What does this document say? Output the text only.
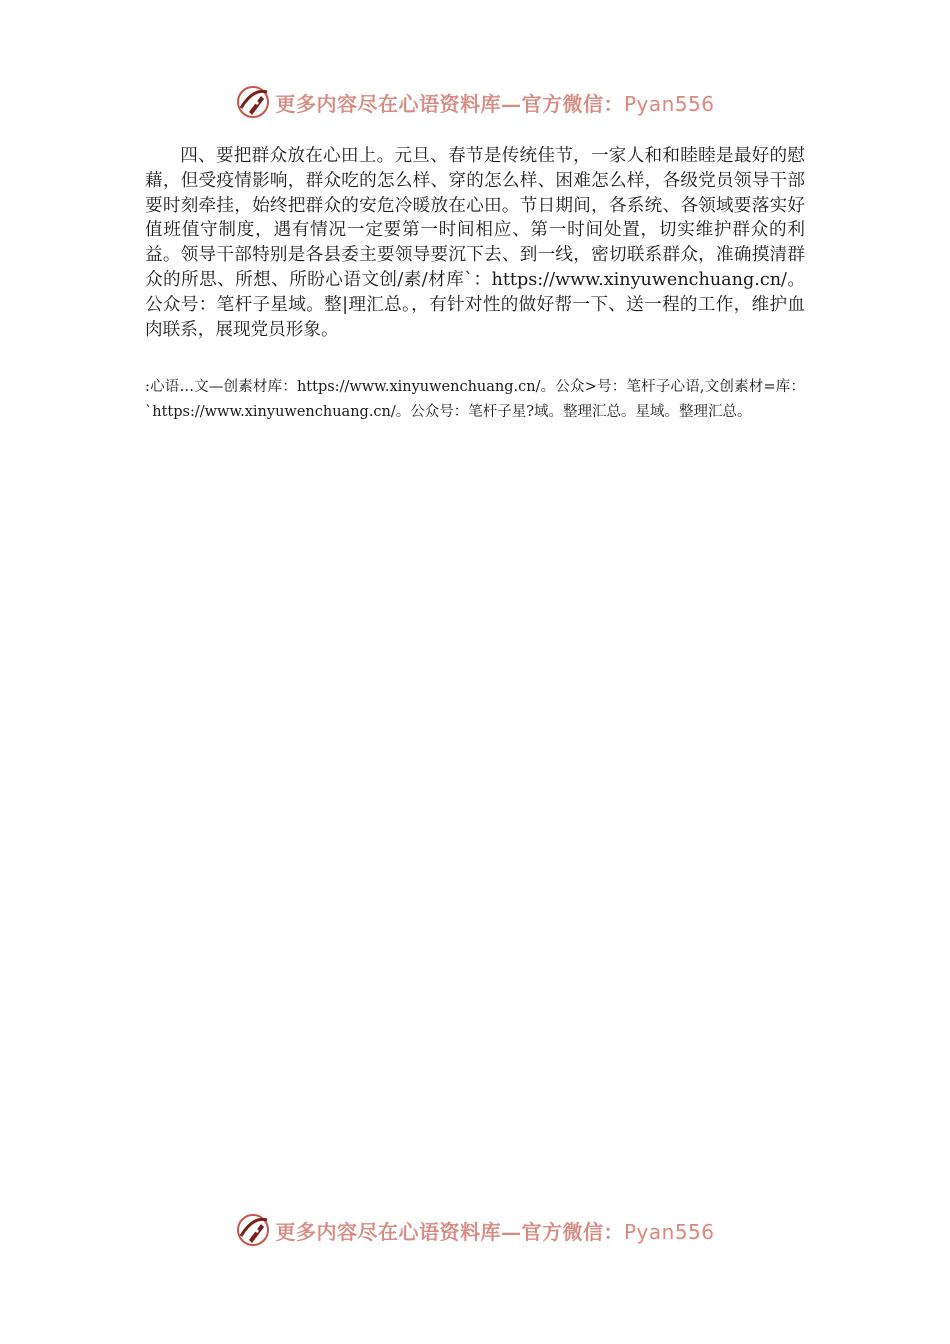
更多内容尽在心语资料库—官方微信：Pyan556
四、要把群众放在心田上。元旦、春节是传统佳节，一家人和和睦睦是最好的慰藉，但受疫情影响，群众吃的怎么样、穿的怎么样、困难怎么样，各级党员领导干部要时刻牵挂，始终把群众的安危冷暖放在心田。节日期间，各系统、各领域要落实好值班值守制度，遇有情况一定要第一时间相应、第一时间处置，切实维护群众的利益。领导干部特别是各县委主要领导要沉下去、到一线，密切联系群众，准确摸清群众的所思、所想、所盼心语文创/素/材库`：https://www.xinyuwenchuang.cn/。公众号：笔杆子星域。整|理汇总。，有针对性的做好帮一下、送一程的工作，维护血肉联系，展现党员形象。
:心语…文—创素材库：https://www.xinyuwenchuang.cn/。公众>号：笔杆子心语,文创素材=库：`https://www.xinyuwenchuang.cn/。公众号：笔杆子星?域。整理汇总。星域。整理汇总。
更多内容尽在心语资料库—官方微信：Pyan556
